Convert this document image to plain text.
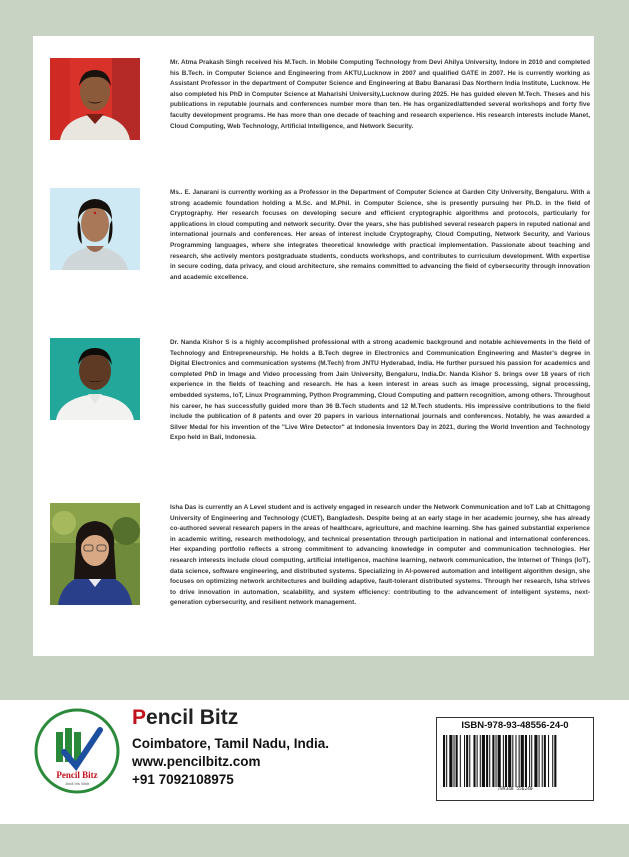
Mr. Atma Prakash Singh received his M.Tech. in Mobile Computing Technology from Devi Ahilya University, Indore in 2010 and completed his B.Tech. in Computer Science and Engineering from AKTU,Lucknow in 2007 and qualified GATE in 2007. He is currently working as Assistant Professor in the department of Computer Science and Engineering at Babu Banarasi Das Northern India Institute, Lucknow. He also completed his PhD in Computer Science at Maharishi University,Lucknow during 2025. He has guided eleven M.Tech. Theses and his publications in reputable journals and conferences number more than ten. He has organized/attended several workshops and forty five faculty development programs. He has more than one decade of teaching and research experience. His research interests include Manet, Cloud Computing, Web Technology, Artificial Intelligence, and Network Security.
Ms.. E. Janarani is currently working as a Professor in the Department of Computer Science at Garden City University, Bengaluru. With a strong academic foundation holding a M.Sc. and M.Phil. in Computer Science, she is presently pursuing her Ph.D. in the field of Cryptography. Her research focuses on developing secure and efficient cryptographic algorithms and protocols, particularly for applications in cloud computing and network security. Over the years, she has published several research papers in reputed national and international journals and conferences. Her areas of interest include Cryptography, Cloud Computing, Network Security, and Various Programming languages, where she integrates theoretical knowledge with practical implementation. Passionate about teaching and research, she actively mentors postgraduate students, conducts workshops, and contributes to curriculum development. With expertise in secure coding, data privacy, and cloud architecture, she remains committed to advancing the field of cybersecurity through innovation and academic excellence.
Dr. Nanda Kishor S is a highly accomplished professional with a strong academic background and notable achievements in the field of Technology and Entrepreneurship. He holds a B.Tech degree in Electronics and Communication Engineering and Master's degree in Digital Electronics and communication systems (M.Tech) from JNTU Hyderabad, India. He further pursued his passion for academics and completed PhD in Image and Video processing from Jain University, Bengaluru, India.Dr. Nanda Kishor S. brings over 18 years of rich experience in the fields of teaching and research. He has a keen interest in areas such as image processing, signal processing, embedded systems, IoT, Linux Programming, Python Programming, Cloud Computing and pattern recognition, among others. Throughout his career, he has successfully guided more than 36 B.Tech students and 12 M.Tech students. His impressive contributions to the field include the publication of 8 patents and over 20 papers in various international journals and conferences. Notably, he was awarded a Silver Medal for his invention of the "Live Wire Detector" at Indonesia Inventors Day in 2021, during the World Invention and Technology Expo held in Bali, Indonesia.
Isha Das is currently an A Level student and is actively engaged in research under the Network Communication and IoT Lab at Chittagong University of Engineering and Technology (CUET), Bangladesh. Despite being at an early stage in her academic journey, she has already co-authored several research papers in the areas of healthcare, agriculture, and machine learning. She has gained substantial experience in academic writing, research methodology, and technical presentation through participation in national and international conferences. Her expanding portfolio reflects a strong commitment to advancing knowledge in computer and communication technologies. Her research interests include cloud computing, artificial intelligence, machine learning, network communication, the Internet of Things (IoT), data science, software engineering, and distributed systems. Specializing in AI-powered automation and intelligent algorithm design, she focuses on optimizing network architectures and building adaptive, fault-tolerant distributed systems. Through her research, Isha strives to drive innovation in automation, scalability, and system efficiency: contributing to the advancement of intelligent systems, next-generation cybersecurity, and resilient network management.
Pencil Bitz
Jindi Iris Walt
Pencil Bitz
Coimbatore, Tamil Nadu, India.
www.pencilbitz.com
+91 7092108975
ISBN-978-93-48556-24-0
789348 556240
